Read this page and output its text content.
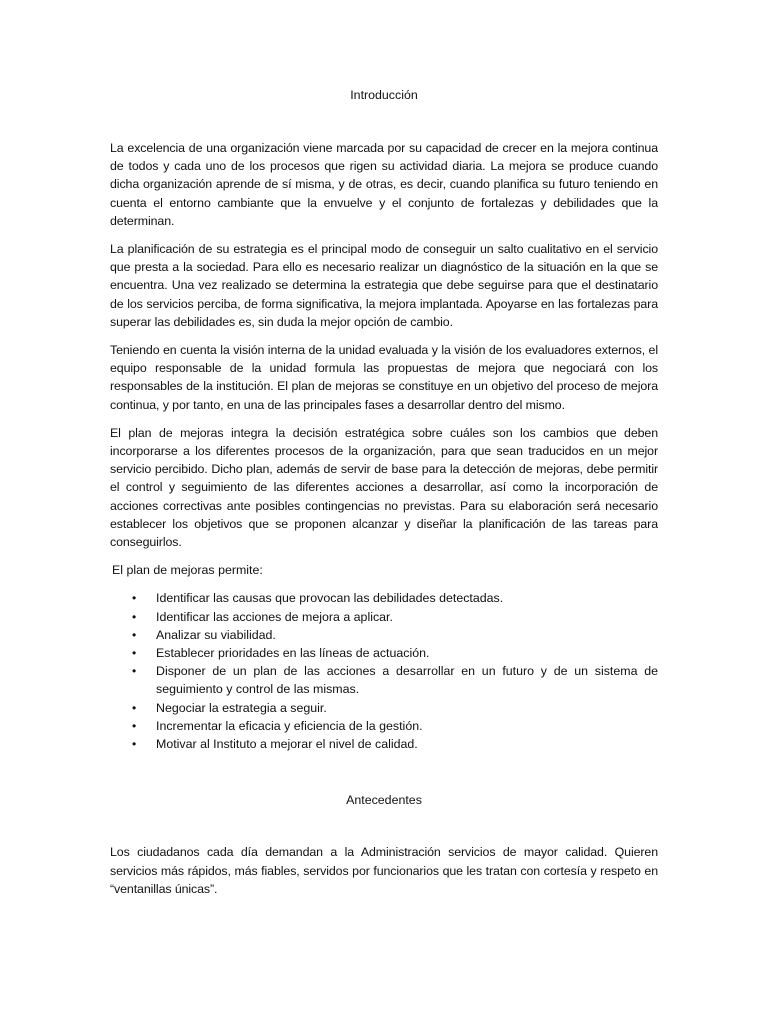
Introducción

La excelencia de una organización viene marcada por su capacidad de crecer en la mejora continua de todos y cada uno de los procesos que rigen su actividad diaria. La mejora se produce cuando dicha organización aprende de sí misma, y de otras, es decir, cuando planifica su futuro teniendo en cuenta el entorno cambiante que la envuelve y el conjunto de fortalezas y debilidades que la determinan.

La planificación de su estrategia es el principal modo de conseguir un salto cualitativo en el servicio que presta a la sociedad. Para ello es necesario realizar un diagnóstico de la situación en la que se encuentra. Una vez realizado se determina la estrategia que debe seguirse para que el destinatario de los servicios perciba, de forma significativa, la mejora implantada. Apoyarse en las fortalezas para superar las debilidades es, sin duda la mejor opción de cambio.

Teniendo en cuenta la visión interna de la unidad evaluada y la visión de los evaluadores externos, el equipo responsable de la unidad formula las propuestas de mejora que negociará con los responsables de la institución. El plan de mejoras se constituye en un objetivo del proceso de mejora continua, y por tanto, en una de las principales fases a desarrollar dentro del mismo.

El plan de mejoras integra la decisión estratégica sobre cuáles son los cambios que deben incorporarse a los diferentes procesos de la organización, para que sean traducidos en un mejor servicio percibido. Dicho plan, además de servir de base para la detección de mejoras, debe permitir el control y seguimiento de las diferentes acciones a desarrollar, así como la incorporación de acciones correctivas ante posibles contingencias no previstas. Para su elaboración será necesario establecer los objetivos que se proponen alcanzar y diseñar la planificación de las tareas para conseguirlos.

El plan de mejoras permite:

• Identificar las causas que provocan las debilidades detectadas.
• Identificar las acciones de mejora a aplicar.
• Analizar su viabilidad.
• Establecer prioridades en las líneas de actuación.
• Disponer de un plan de las acciones a desarrollar en un futuro y de un sistema de seguimiento y control de las mismas.
• Negociar la estrategia a seguir.
• Incrementar la eficacia y eficiencia de la gestión.
• Motivar al Instituto a mejorar el nivel de calidad.
Antecedentes

Los ciudadanos cada día demandan a la Administración servicios de mayor calidad. Quieren servicios más rápidos, más fiables, servidos por funcionarios que les tratan con cortesía y respeto en “ventanillas únicas”.
